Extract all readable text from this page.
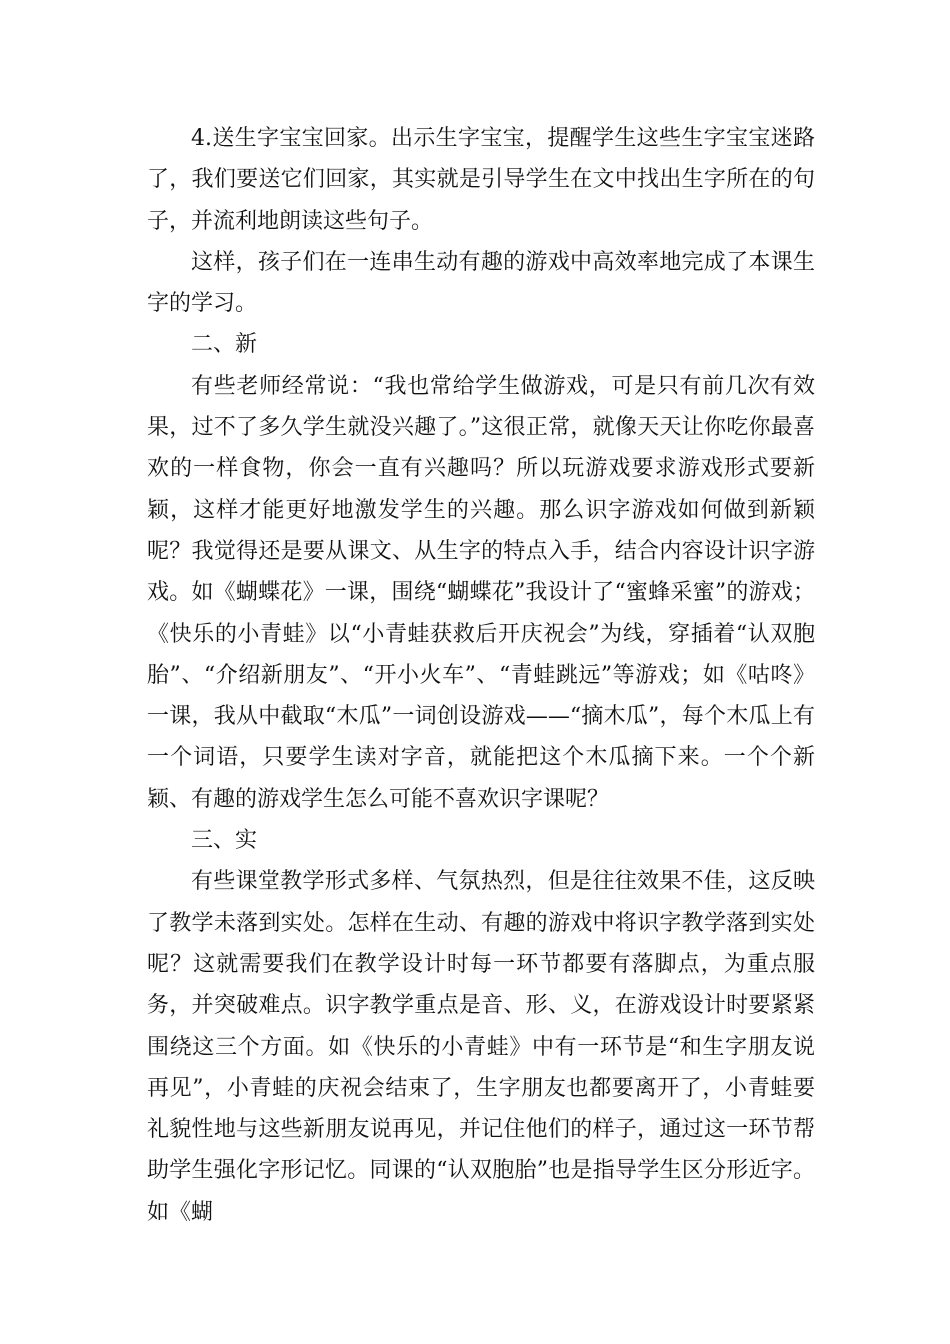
4.送生字宝宝回家。出示生字宝宝，提醒学生这些生字宝宝迷路了，我们要送它们回家，其实就是引导学生在文中找出生字所在的句子，并流利地朗读这些句子。

这样，孩子们在一连串生动有趣的游戏中高效率地完成了本课生字的学习。

二、新

有些老师经常说：“我也常给学生做游戏，可是只有前几次有效果，过不了多久学生就没兴趣了。”这很正常，就像天天让你吃你最喜欢的一样食物，你会一直有兴趣吗？所以玩游戏要求游戏形式要新颖，这样才能更好地激发学生的兴趣。那么识字游戏如何做到新颖呢？我觉得还是要从课文、从生字的特点入手，结合内容设计识字游戏。如《蝴蝶花》一课，围绕“蝴蝶花”我设计了“蜜蜂采蜜”的游戏；《快乐的小青蛙》以“小青蛙获救后开庆祝会”为线，穿插着“认双胞胎”、“介绍新朋友”、“开小火车”、“青蛙跳远”等游戏；如《咕咚》一课，我从中截取“木瓜”一词创设游戏——“摘木瓜”，每个木瓜上有一个词语，只要学生读对字音，就能把这个木瓜摘下来。一个个新颖、有趣的游戏学生怎么可能不喜欢识字课呢？

三、实

有些课堂教学形式多样、气氛热烈，但是往往效果不佳，这反映了教学未落到实处。怎样在生动、有趣的游戏中将识字教学落到实处呢？这就需要我们在教学设计时每一环节都要有落脚点，为重点服务，并突破难点。识字教学重点是音、形、义，在游戏设计时要紧紧围绕这三个方面。如《快乐的小青蛙》中有一环节是“和生字朋友说再见”，小青蛙的庆祝会结束了，生字朋友也都要离开了，小青蛙要礼貌性地与这些新朋友说再见，并记住他们的样子，通过这一环节帮助学生强化字形记忆。同课的“认双胞胎”也是指导学生区分形近字。如《蝴
